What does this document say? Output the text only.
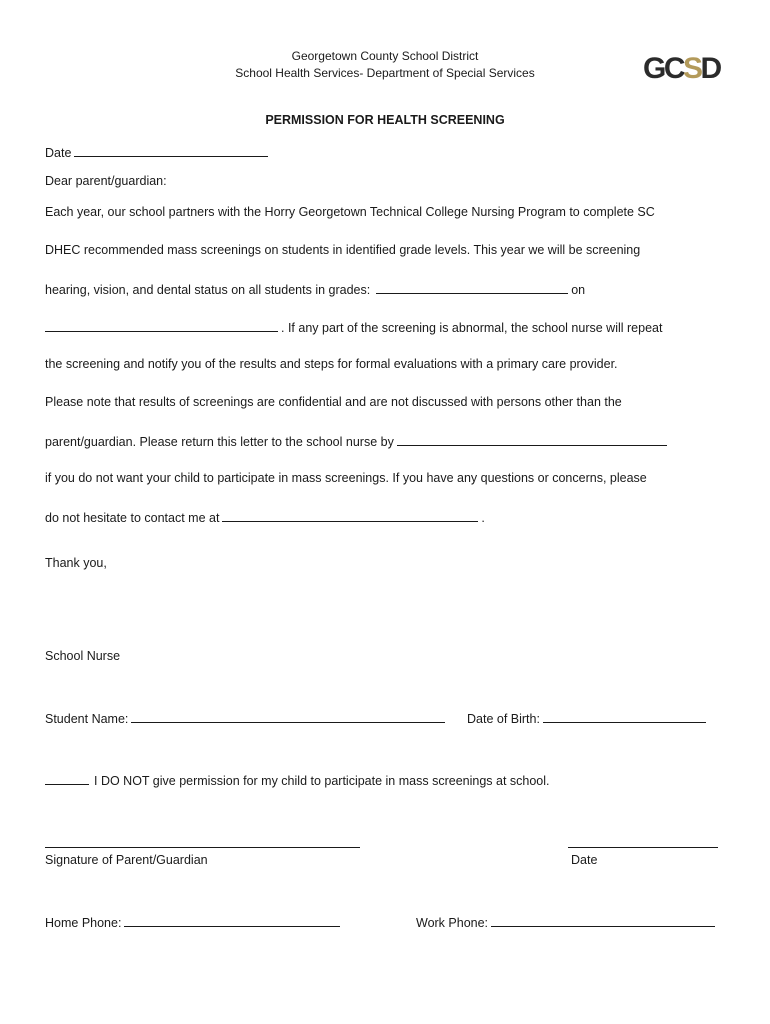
Georgetown County School District
School Health Services- Department of Special Services	GCSD
PERMISSION FOR HEALTH SCREENING
Date
Dear parent/guardian:
Each year, our school partners with the Horry Georgetown Technical College Nursing Program to complete SC
DHEC recommended mass screenings on students in identified grade levels. This year we will be screening
hearing, vision, and dental status on all students in grades:	on
. If any part of the screening is abnormal, the school nurse will repeat
the screening and notify you of the results and steps for formal evaluations with a primary care provider.
Please note that results of screenings are confidential and are not discussed with persons other than the
parent/guardian. Please return this letter to the school nurse by
if you do not want your child to participate in mass screenings. If you have any questions or concerns, please
do not hesitate to contact me at	.
Thank you,
School Nurse
Student Name:	Date of Birth:
I DO NOT give permission for my child to participate in mass screenings at school.
Signature of Parent/Guardian	Date
Home Phone:	Work Phone:
